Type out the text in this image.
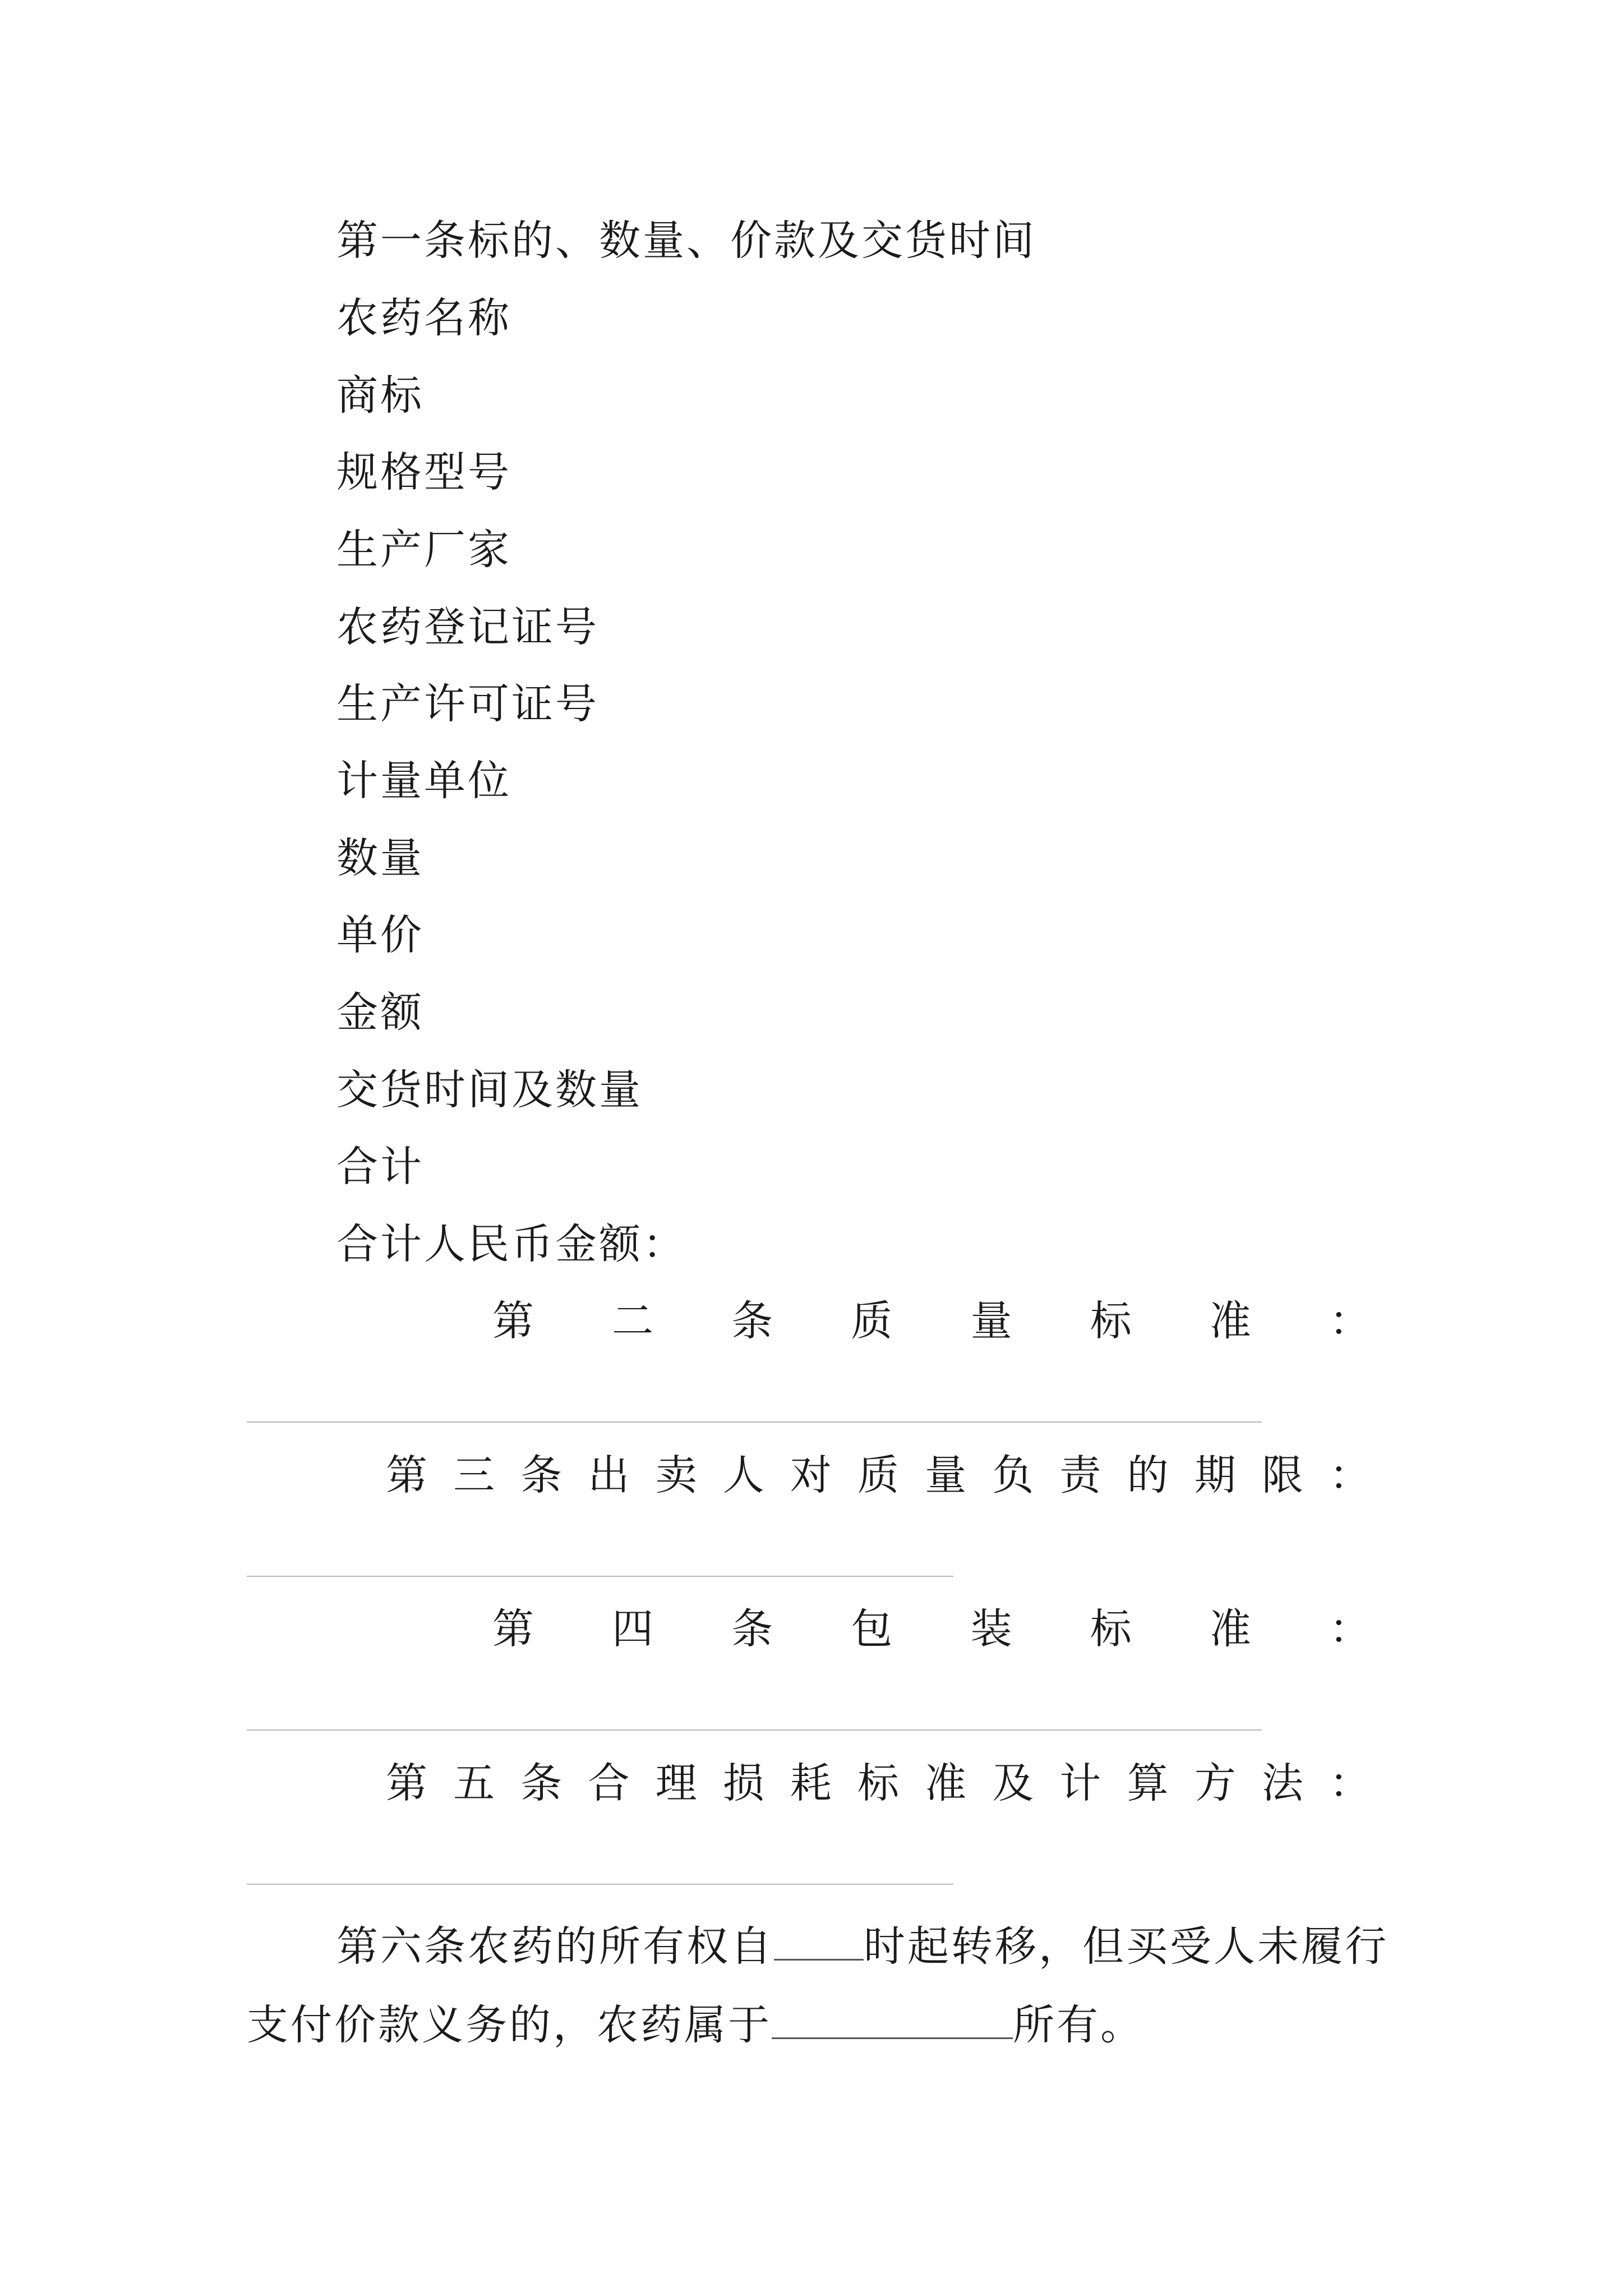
第一条标的、数量、价款及交货时间
农药名称
商标
规格型号
生产厂家
农药登记证号
生产许可证号
计量单位
数量
单价
金额
交货时间及数量
合计
合计人民币金额：
第 二 条 质 量 标 准 ：
第 三 条 出 卖 人 对 质 量 负 责 的 期 限 ：
第 四 条 包 装 标 准 ：
第 五 条 合 理 损 耗 标 准 及 计 算 方 法 ：
第六条农药的所有权自 时起转移，但买受人未履行支付价款义务的，农药属于	所有。
